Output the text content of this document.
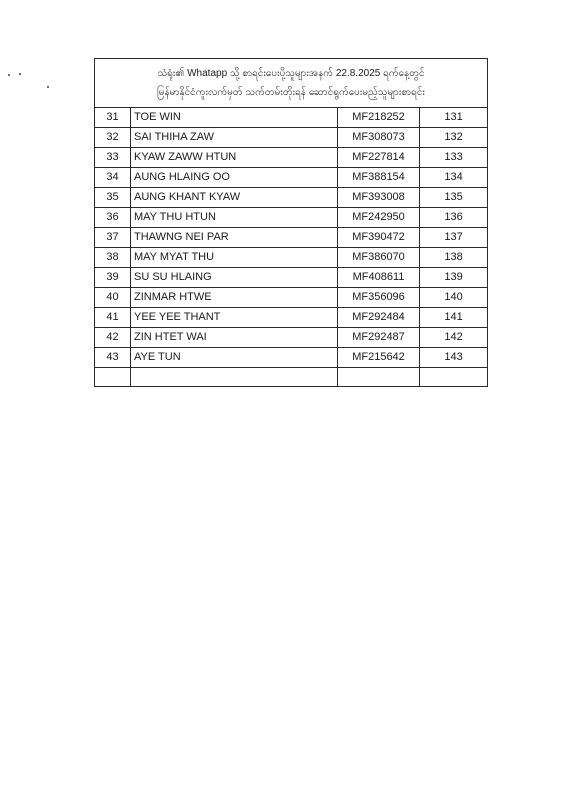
သံရုံး၏ Whatapp သို့ စာရင်းပေးပို့သူများအနက် 22.8.2025 ရက်နေ့တွင်
မြန်မာနိုင်ငံကူးလက်မှတ် သက်တမ်းတိုးရန် ဆောင်ရွက်ပေးမည့်သူများစာရင်း			

31	TOE WIN	MF218252	131
32	SAI THIHA ZAW	MF308073	132
33	KYAW ZAWW HTUN	MF227814	133
34	AUNG HLAING OO	MF388154	134
35	AUNG KHANT KYAW	MF393008	135
36	MAY THU HTUN	MF242950	136
37	THAWNG NEI PAR	MF390472	137
38	MAY MYAT THU	MF386070	138
39	SU SU HLAING	MF408611	139
40	ZINMAR HTWE	MF356096	140
41	YEE YEE THANT	MF292484	141
42	ZIN HTET WAI	MF292487	142
43	AYE TUN	MF215642	143
